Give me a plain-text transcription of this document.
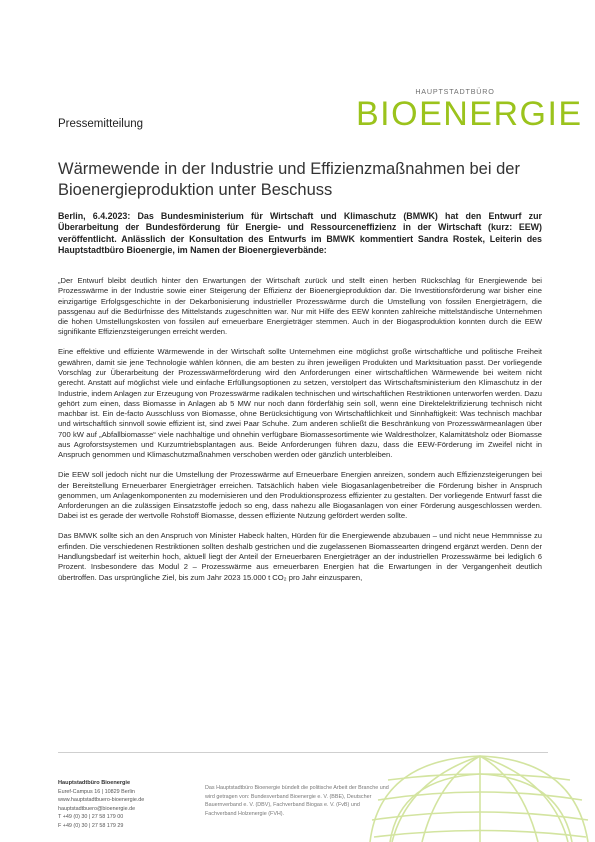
HAUPTSTADTBÜRO
BIOENERGIE
Pressemitteilung
Wärmewende in der Industrie und Effizienzmaßnahmen bei der Bioenergieproduktion unter Beschuss

Berlin, 6.4.2023: Das Bundesministerium für Wirtschaft und Klimaschutz (BMWK) hat den Entwurf zur Überarbeitung der Bundesförderung für Energie- und Ressourceneffizienz in der Wirtschaft (kurz: EEW) veröffentlicht. Anlässlich der Konsultation des Entwurfs im BMWK kommentiert Sandra Rostek, Leiterin des Hauptstadtbüro Bioenergie, im Namen der Bioenergieverbände:

„Der Entwurf bleibt deutlich hinter den Erwartungen der Wirtschaft zurück und stellt einen herben Rückschlag für Energiewende bei Prozesswärme in der Industrie sowie einer Steigerung der Effizienz der Bioenergieproduktion dar. Die Investitionsförderung war bisher eine einzigartige Erfolgsgeschichte in der Dekarbonisierung industrieller Prozesswärme durch die Umstellung von fossilen Energieträgern, die passgenau auf die Bedürfnisse des Mittelstands zugeschnitten war. Nur mit Hilfe des EEW konnten zahlreiche mittelständische Unternehmen die hohen Umstellungskosten von fossilen auf erneuerbare Energieträger stemmen. Auch in der Biogasproduktion konnten durch die EEW signifikante Effizienzsteigerungen erreicht werden.

Eine effektive und effiziente Wärmewende in der Wirtschaft sollte Unternehmen eine möglichst große wirtschaftliche und politische Freiheit gewähren, damit sie jene Technologie wählen können, die am besten zu ihren jeweiligen Produkten und Marktsituation passt. Der vorliegende Vorschlag zur Überarbeitung der Prozesswärmeförderung wird den Anforderungen einer wirtschaftlichen Wärmewende bei weitem nicht gerecht. Anstatt auf möglichst viele und einfache Erfüllungsoptionen zu setzen, verstolpert das Wirtschaftsministerium den Klimaschutz in der Industrie, indem Anlagen zur Erzeugung von Prozesswärme radikalen technischen und wirtschaftlichen Restriktionen unterworfen werden. Dazu gehört zum einen, dass Biomasse in Anlagen ab 5 MW nur noch dann förderfähig sein soll, wenn eine Direktelektrifizierung technisch nicht machbar ist. Ein de-facto Ausschluss von Biomasse, ohne Berücksichtigung von Wirtschaftlichkeit und Sinnhaftigkeit: Was technisch machbar und wirtschaftlich sinnvoll sowie effizient ist, sind zwei Paar Schuhe. Zum anderen schließt die Beschränkung von Prozesswärmeanlagen über 700 kW auf „Abfallbiomasse“ viele nachhaltige und ohnehin verfügbare Biomassesortimente wie Waldrestholzer, Kalamitätsholz oder Biomasse aus Agroforstsystemen und Kurzumtriebsplantagen aus. Beide Anforderungen führen dazu, dass die EEW-Förderung im Zweifel nicht in Anspruch genommen und Klimaschutzmaßnahmen verschoben werden oder gänzlich unterbleiben.

Die EEW soll jedoch nicht nur die Umstellung der Prozesswärme auf Erneuerbare Energien anreizen, sondern auch Effizienzsteigerungen bei der Bereitstellung Erneuerbarer Energieträger erreichen. Tatsächlich haben viele Biogasanlagenbetreiber die Förderung bisher in Anspruch genommen, um Anlagenkomponenten zu modernisieren und den Produktionsprozess effizienter zu gestalten. Der vorliegende Entwurf fasst die Anforderungen an die zulässigen Einsatzstoffe jedoch so eng, dass nahezu alle Biogasanlagen von einer Förderung ausgeschlossen werden. Dabei ist es gerade der wertvolle Rohstoff Biomasse, dessen effiziente Nutzung gefördert werden sollte.

Das BMWK sollte sich an den Anspruch von Minister Habeck halten, Hürden für die Energiewende abzubauen – und nicht neue Hemmnisse zu erfinden. Die verschiedenen Restriktionen sollten deshalb gestrichen und die zugelassenen Biomassearten dringend ergänzt werden. Denn der Handlungsbedarf ist weiterhin hoch, aktuell liegt der Anteil der Erneuerbaren Energieträger an der industriellen Prozesswärme bei lediglich 6 Prozent. Insbesondere das Modul 2 – Prozesswärme aus erneuerbaren Energien hat die Erwartungen in der Vergangenheit deutlich übertroffen. Das ursprüngliche Ziel, bis zum Jahr 2023 15.000 t CO₂ pro Jahr einzusparen,

Hauptstadtbüro Bioenergie
Euref-Campus 16 | 10829 Berlin
www.hauptstadtbuero-bioenergie.de
hauptstadtbuero@bioenergie.de
T +49 (0) 30 | 27 58 179 00
F +49 (0) 30 | 27 58 179 29
Das Hauptstadtbüro Bioenergie bündelt die politische Arbeit der Branche und wird getragen von: Bundesverband Bioenergie e. V. (BBE), Deutscher Bauernverband e. V. (DBV), Fachverband Biogas e. V. (FvB) und Fachverband Holzenergie (FVH).
